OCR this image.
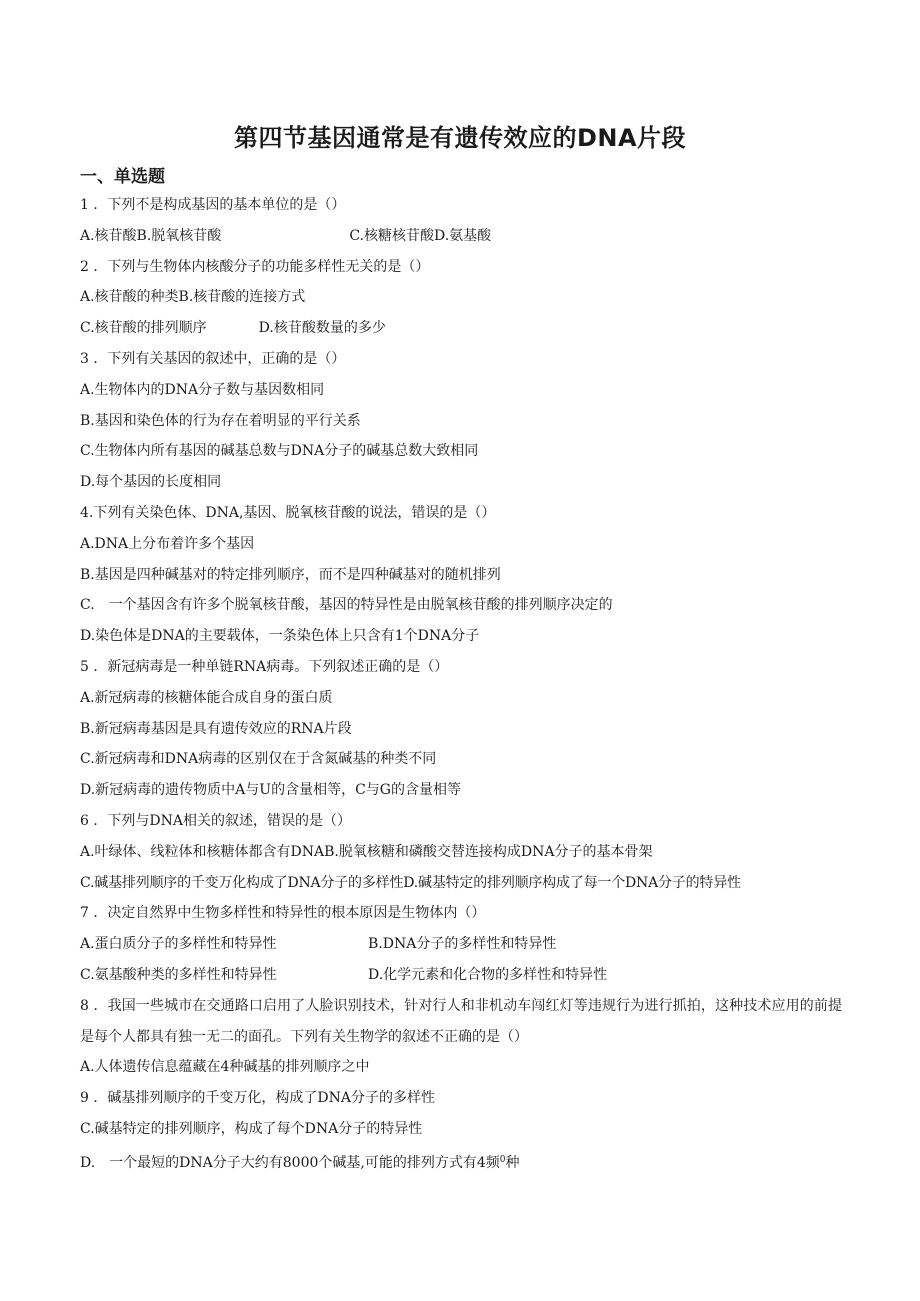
第四节基因通常是有遗传效应的DNA片段
一、单选题
1 ．下列不是构成基因的基本单位的是（）
A.核苷酸B.脱氧核苷酸	C.核糖核苷酸D.氨基酸
2 ．下列与生物体内核酸分子的功能多样性无关的是（）
A.核苷酸的种类B.核苷酸的连接方式
C.核苷酸的排列顺序	D.核苷酸数量的多少
3 ．下列有关基因的叙述中，正确的是（）
A.生物体内的DNA分子数与基因数相同
B.基因和染色体的行为存在着明显的平行关系
C.生物体内所有基因的碱基总数与DNA分子的碱基总数大致相同
D.每个基因的长度相同
4.下列有关染色体、DNA,基因、脱氧核苷酸的说法，错误的是（）
A.DNA上分布着许多个基因
B.基因是四种碱基对的特定排列顺序，而不是四种碱基对的随机排列
C.　一个基因含有许多个脱氧核苷酸，基因的特异性是由脱氧核苷酸的排列顺序决定的
D.染色体是DNA的主要载体，一条染色体上只含有1个DNA分子
5 ．新冠病毒是一种单链RNA病毒。下列叙述正确的是（）
A.新冠病毒的核糖体能合成自身的蛋白质
B.新冠病毒基因是具有遗传效应的RNA片段
C.新冠病毒和DNA病毒的区别仅在于含氮碱基的种类不同
D.新冠病毒的遗传物质中A与U的含量相等，C与G的含量相等
6 ．下列与DNA相关的叙述，错误的是（）
A.叶绿体、线粒体和核糖体都含有DNAB.脱氧核糖和磷酸交替连接构成DNA分子的基本骨架
C.碱基排列顺序的千变万化构成了DNA分子的多样性D.碱基特定的排列顺序构成了每一个DNA分子的特异性
7 ．决定自然界中生物多样性和特异性的根本原因是生物体内（）
A.蛋白质分子的多样性和特异性	B.DNA分子的多样性和特异性
C.氨基酸种类的多样性和特异性	D.化学元素和化合物的多样性和特异性
8 ．我国一些城市在交通路口启用了人脸识别技术，针对行人和非机动车闯红灯等违规行为进行抓拍，这种技术应用的前提是每个人都具有独一无二的面孔。下列有关生物学的叙述不正确的是（）
A.人体遗传信息蕴藏在4种碱基的排列顺序之中
9 ．碱基排列顺序的千变万化，构成了DNA分子的多样性
C.碱基特定的排列顺序，构成了每个DNA分子的特异性
D.　一个最短的DNA分子大约有8000个碱基,可能的排列方式有4频$^0$种
